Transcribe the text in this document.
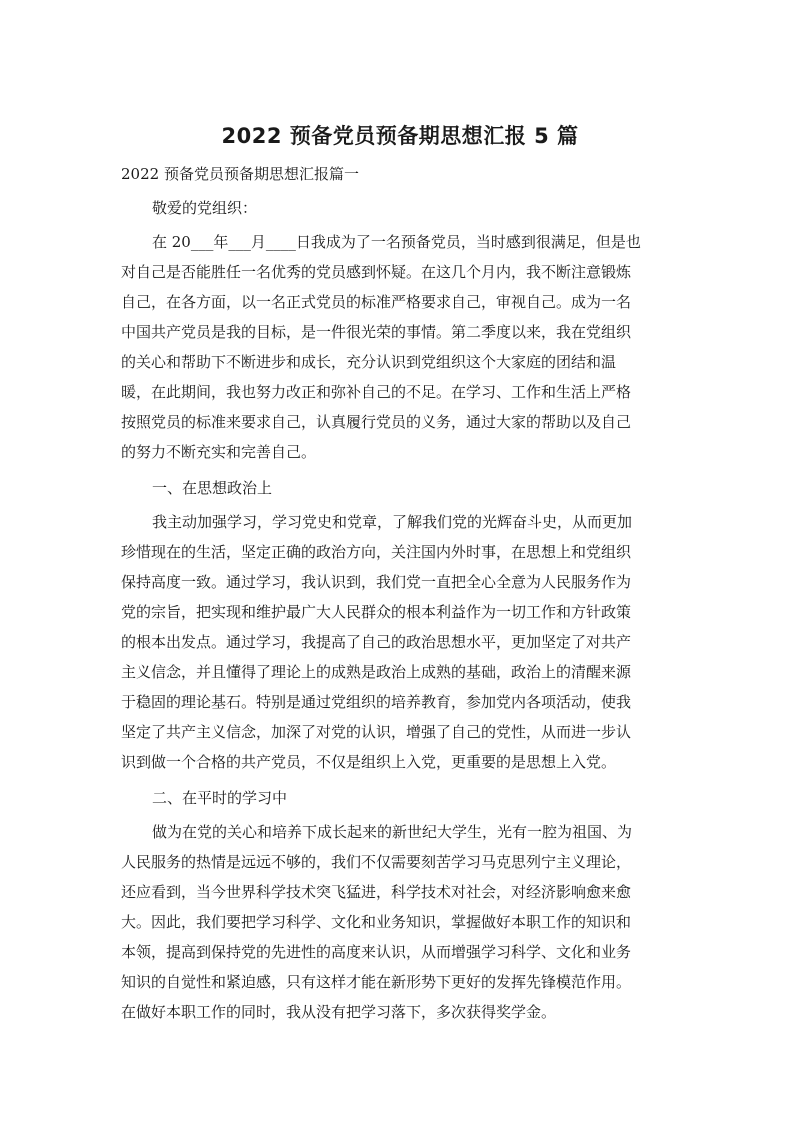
2022 预备党员预备期思想汇报 5 篇
2022 预备党员预备期思想汇报篇一
敬爱的党组织：
在 20___年___月____日我成为了一名预备党员，当时感到很满足，但是也
对自己是否能胜任一名优秀的党员感到怀疑。在这几个月内，我不断注意锻炼
自己，在各方面，以一名正式党员的标准严格要求自己，审视自己。成为一名
中国共产党员是我的目标，是一件很光荣的事情。第二季度以来，我在党组织
的关心和帮助下不断进步和成长，充分认识到党组织这个大家庭的团结和温
暖，在此期间，我也努力改正和弥补自己的不足。在学习、工作和生活上严格
按照党员的标准来要求自己，认真履行党员的义务，通过大家的帮助以及自己
的努力不断充实和完善自己。
一、在思想政治上
我主动加强学习，学习党史和党章，了解我们党的光辉奋斗史，从而更加
珍惜现在的生活，坚定正确的政治方向，关注国内外时事，在思想上和党组织
保持高度一致。通过学习，我认识到，我们党一直把全心全意为人民服务作为
党的宗旨，把实现和维护最广大人民群众的根本利益作为一切工作和方针政策
的根本出发点。通过学习，我提高了自己的政治思想水平，更加坚定了对共产
主义信念，并且懂得了理论上的成熟是政治上成熟的基础，政治上的清醒来源
于稳固的理论基石。特别是通过党组织的培养教育，参加党内各项活动，使我
坚定了共产主义信念，加深了对党的认识，增强了自己的党性，从而进一步认
识到做一个合格的共产党员，不仅是组织上入党，更重要的是思想上入党。
二、在平时的学习中
做为在党的关心和培养下成长起来的新世纪大学生，光有一腔为祖国、为
人民服务的热情是远远不够的，我们不仅需要刻苦学习马克思列宁主义理论，
还应看到，当今世界科学技术突飞猛进，科学技术对社会，对经济影响愈来愈
大。因此，我们要把学习科学、文化和业务知识，掌握做好本职工作的知识和
本领，提高到保持党的先进性的高度来认识，从而增强学习科学、文化和业务
知识的自觉性和紧迫感，只有这样才能在新形势下更好的发挥先锋模范作用。
在做好本职工作的同时，我从没有把学习落下，多次获得奖学金。
